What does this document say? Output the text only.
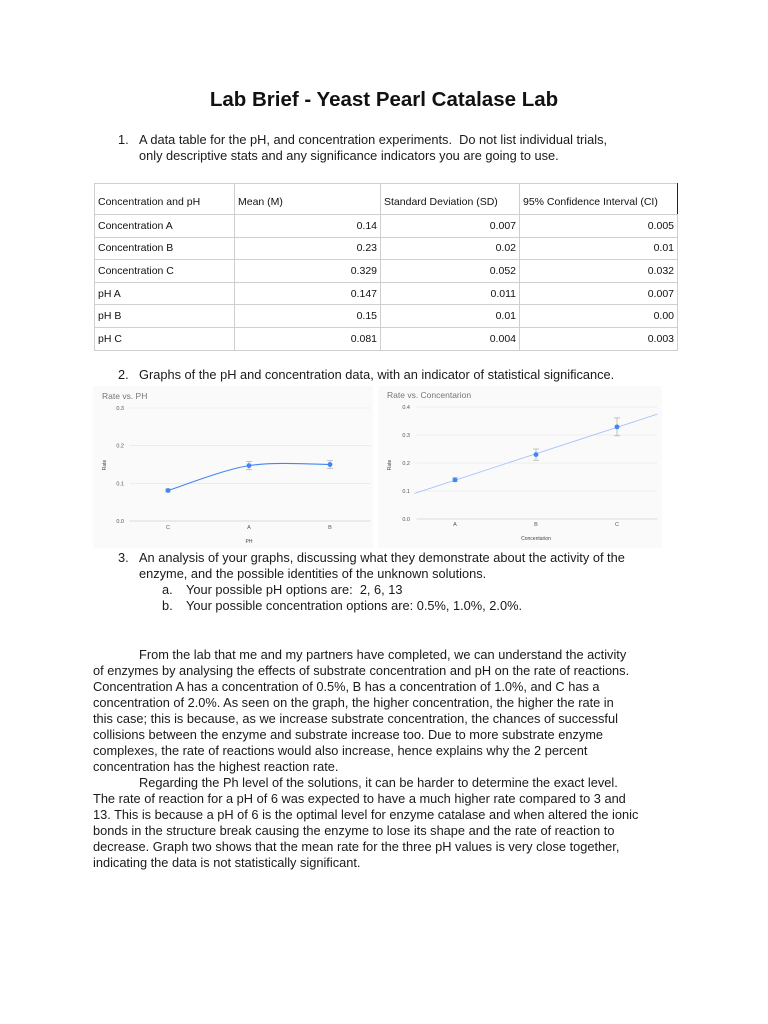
Lab Brief - Yeast Pearl Catalase Lab
1. A data table for the pH, and concentration experiments.  Do not list individual trials,
only descriptive stats and any significance indicators you are going to use.
Concentration and pH	Mean (M)	Standard Deviation (SD)	95% Confidence Interval (CI)
Concentration A	0.14	0.007	0.005
Concentration B	0.23	0.02	0.01
Concentration C	0.329	0.052	0.032
pH A	0.147	0.011	0.007
pH B	0.15	0.01	0.00
pH C	0.081	0.004	0.003
2. Graphs of the pH and concentration data, with an indicator of statistical significance.
Rate vs. PH
0.0
0.1
0.2
0.3
C	A	B
PH
Rate
Rate vs. Concentarion
0.0
0.1
0.2
0.3
0.4
A	B	C
Concentarion
Rate
3. An analysis of your graphs, discussing what they demonstrate about the activity of the
enzyme, and the possible identities of the unknown solutions.
a. Your possible pH options are:  2, 6, 13
b. Your possible concentration options are: 0.5%, 1.0%, 2.0%.
From the lab that me and my partners have completed, we can understand the activity
of enzymes by analysing the effects of substrate concentration and pH on the rate of reactions.
Concentration A has a concentration of 0.5%, B has a concentration of 1.0%, and C has a
concentration of 2.0%. As seen on the graph, the higher concentration, the higher the rate in
this case; this is because, as we increase substrate concentration, the chances of successful
collisions between the enzyme and substrate increase too. Due to more substrate enzyme
complexes, the rate of reactions would also increase, hence explains why the 2 percent
concentration has the highest reaction rate.
Regarding the Ph level of the solutions, it can be harder to determine the exact level.
The rate of reaction for a pH of 6 was expected to have a much higher rate compared to 3 and
13. This is because a pH of 6 is the optimal level for enzyme catalase and when altered the ionic
bonds in the structure break causing the enzyme to lose its shape and the rate of reaction to
decrease. Graph two shows that the mean rate for the three pH values is very close together,
indicating the data is not statistically significant.
